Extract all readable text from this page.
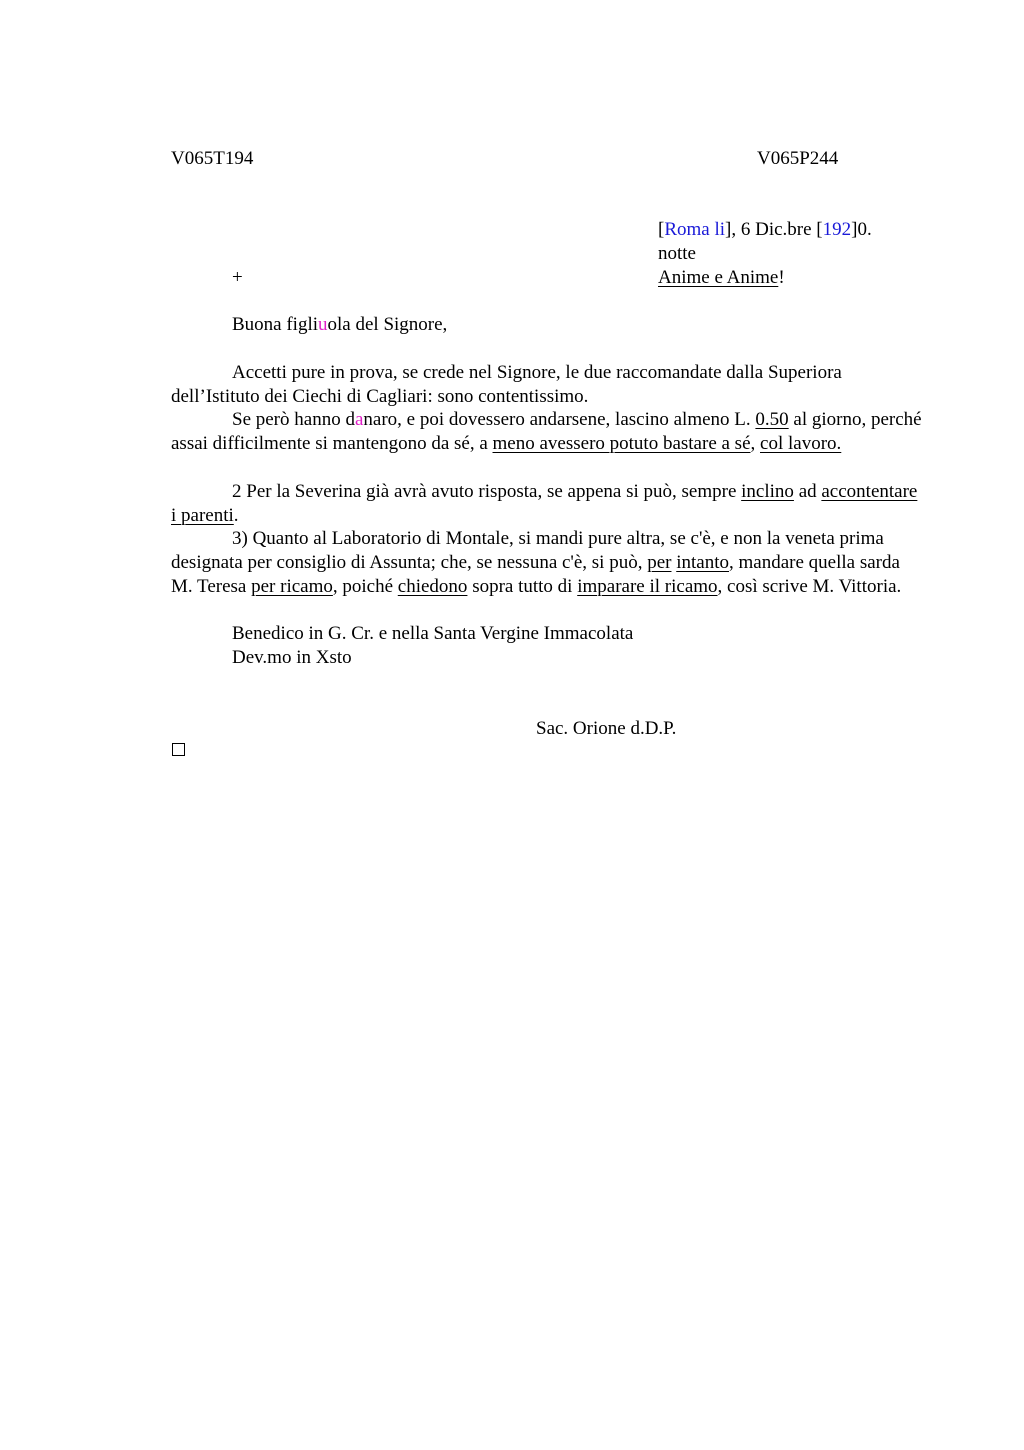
V065T194	V065P244
[Roma li], 6 Dic.bre [192]0.
notte
Anime e Anime!
+
Buona figliuola del Signore,
Accetti pure in prova, se crede nel Signore, le due raccomandate dalla Superiora dell’Istituto dei Ciechi di Cagliari: sono contentissimo.
Se però hanno danaro, e poi dovessero andarsene, lascino almeno L. 0.50 al giorno, perché assai difficilmente si mantengono da sé, a meno avessero potuto bastare a sé, col lavoro.
2 Per la Severina già avrà avuto risposta, se appena si può, sempre inclino ad accontentare i parenti.
3) Quanto al Laboratorio di Montale, si mandi pure altra, se c'è, e non la veneta prima designata per consiglio di Assunta; che, se nessuna c'è, si può, per intanto, mandare quella sarda M. Teresa per ricamo, poiché chiedono sopra tutto di imparare il ricamo, così scrive M. Vittoria.
Benedico in G. Cr. e nella Santa Vergine Immacolata
Dev.mo in Xsto
Sac. Orione d.D.P.
